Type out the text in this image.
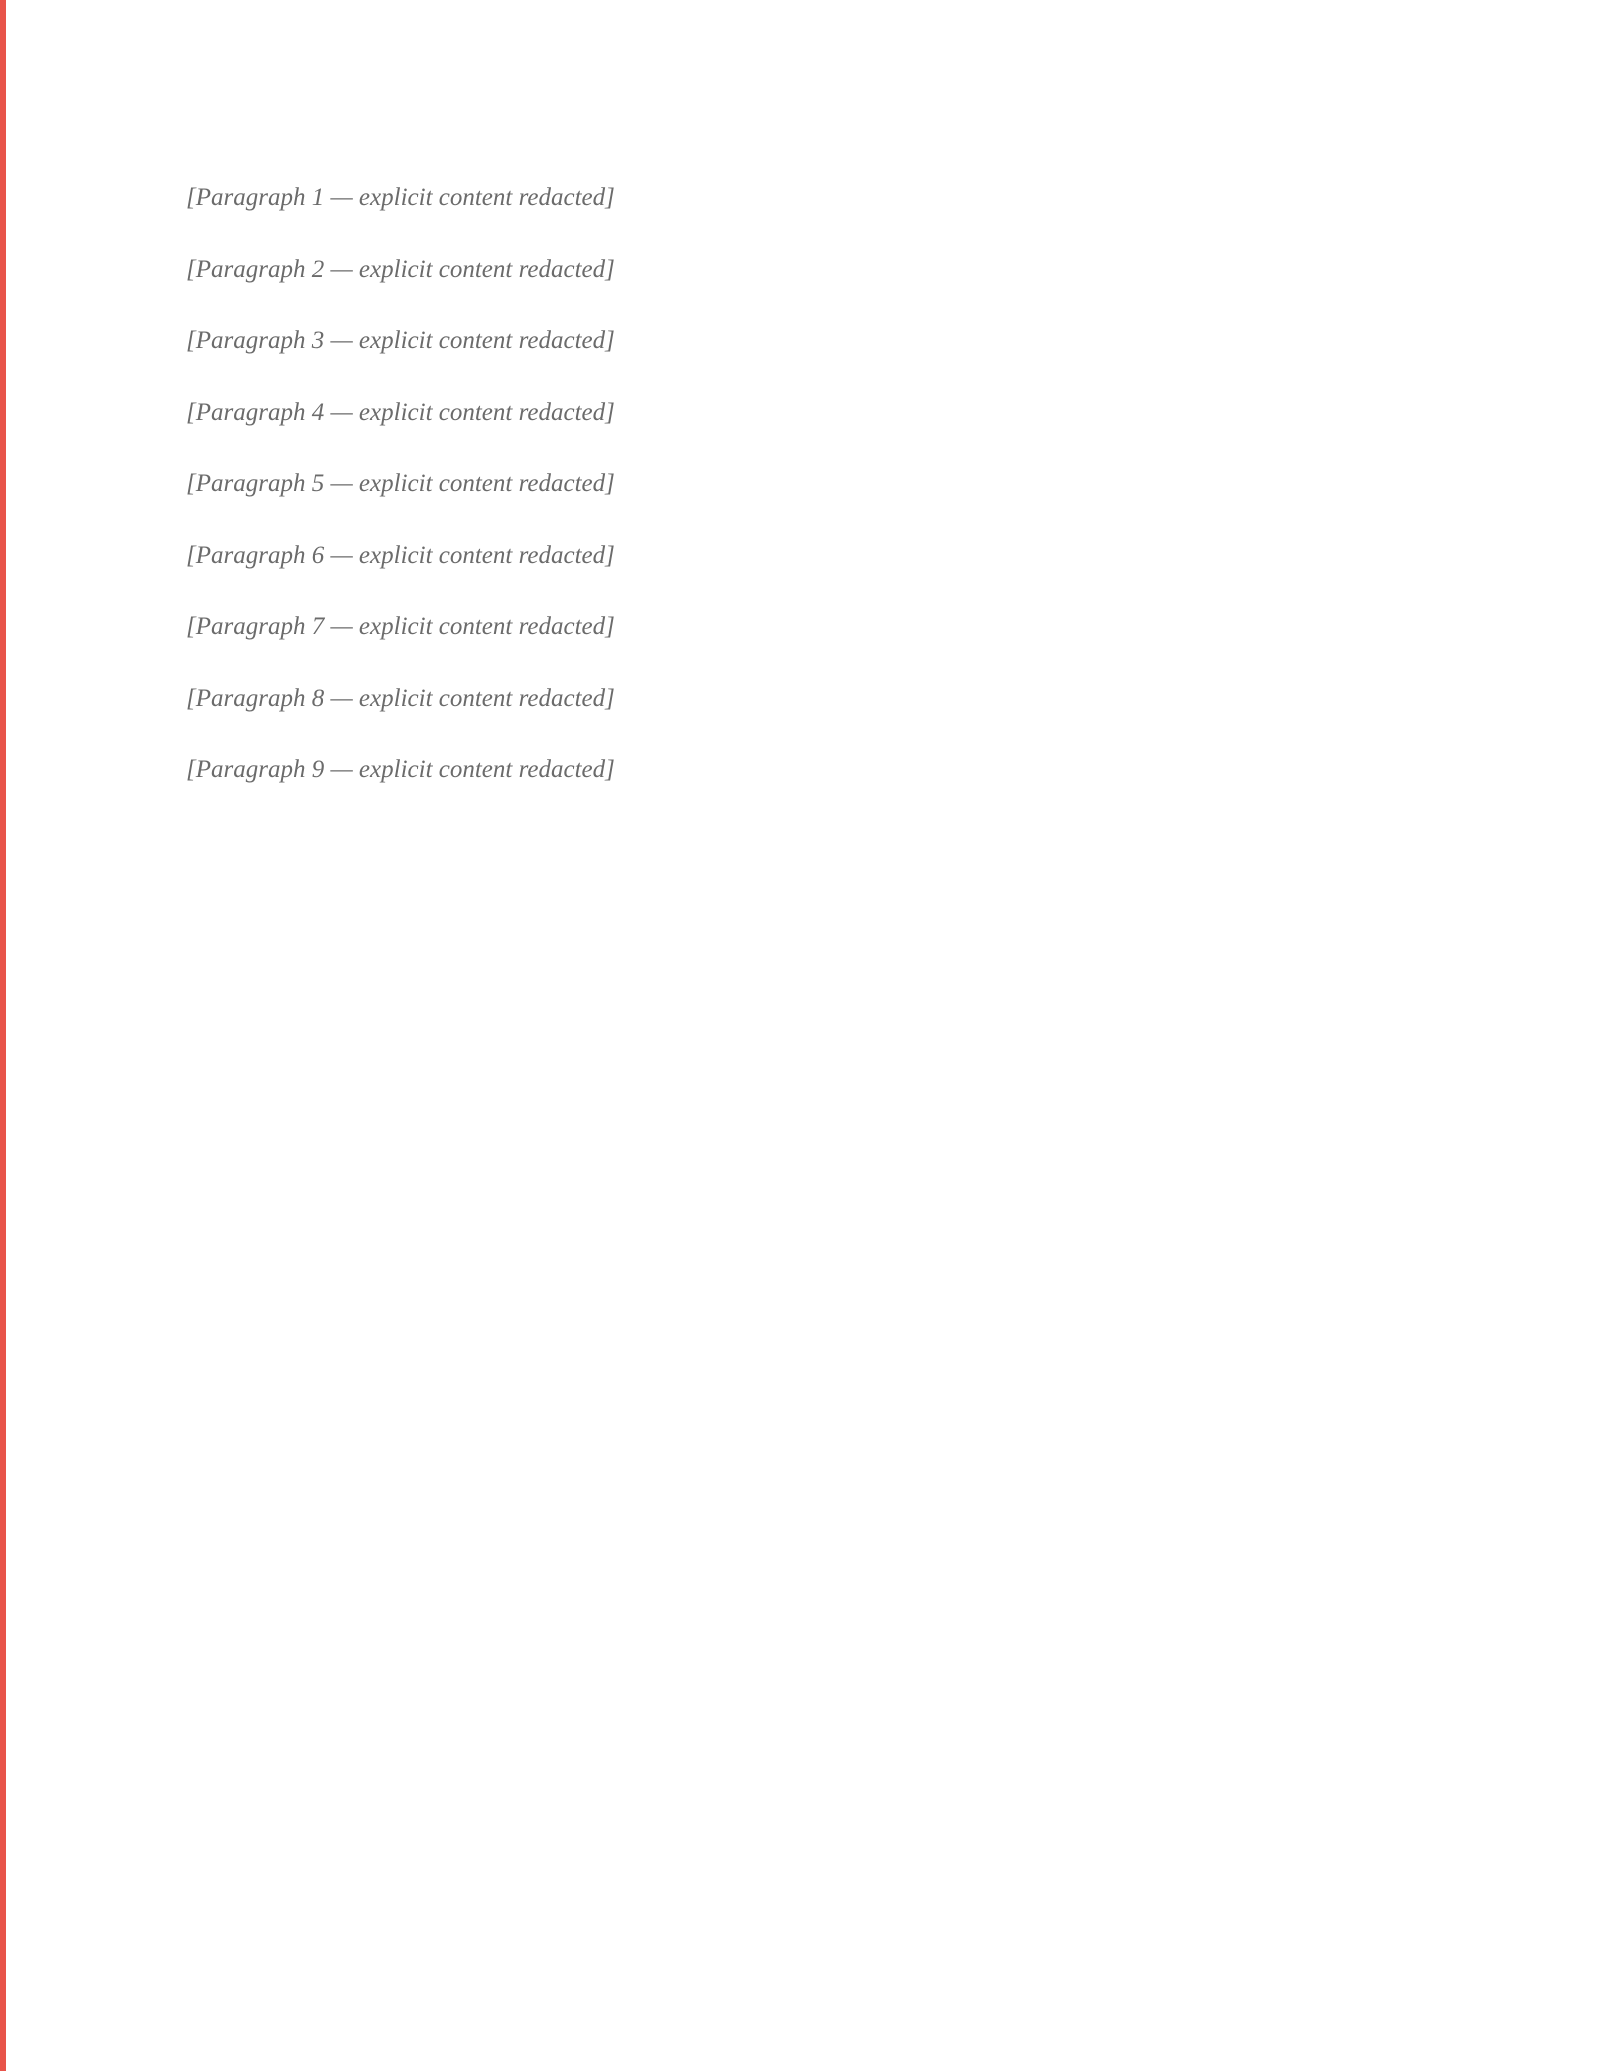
[Paragraph 1 — explicit content redacted]

[Paragraph 2 — explicit content redacted]

[Paragraph 3 — explicit content redacted]

[Paragraph 4 — explicit content redacted]

[Paragraph 5 — explicit content redacted]

[Paragraph 6 — explicit content redacted]

[Paragraph 7 — explicit content redacted]

[Paragraph 8 — explicit content redacted]

[Paragraph 9 — explicit content redacted]
